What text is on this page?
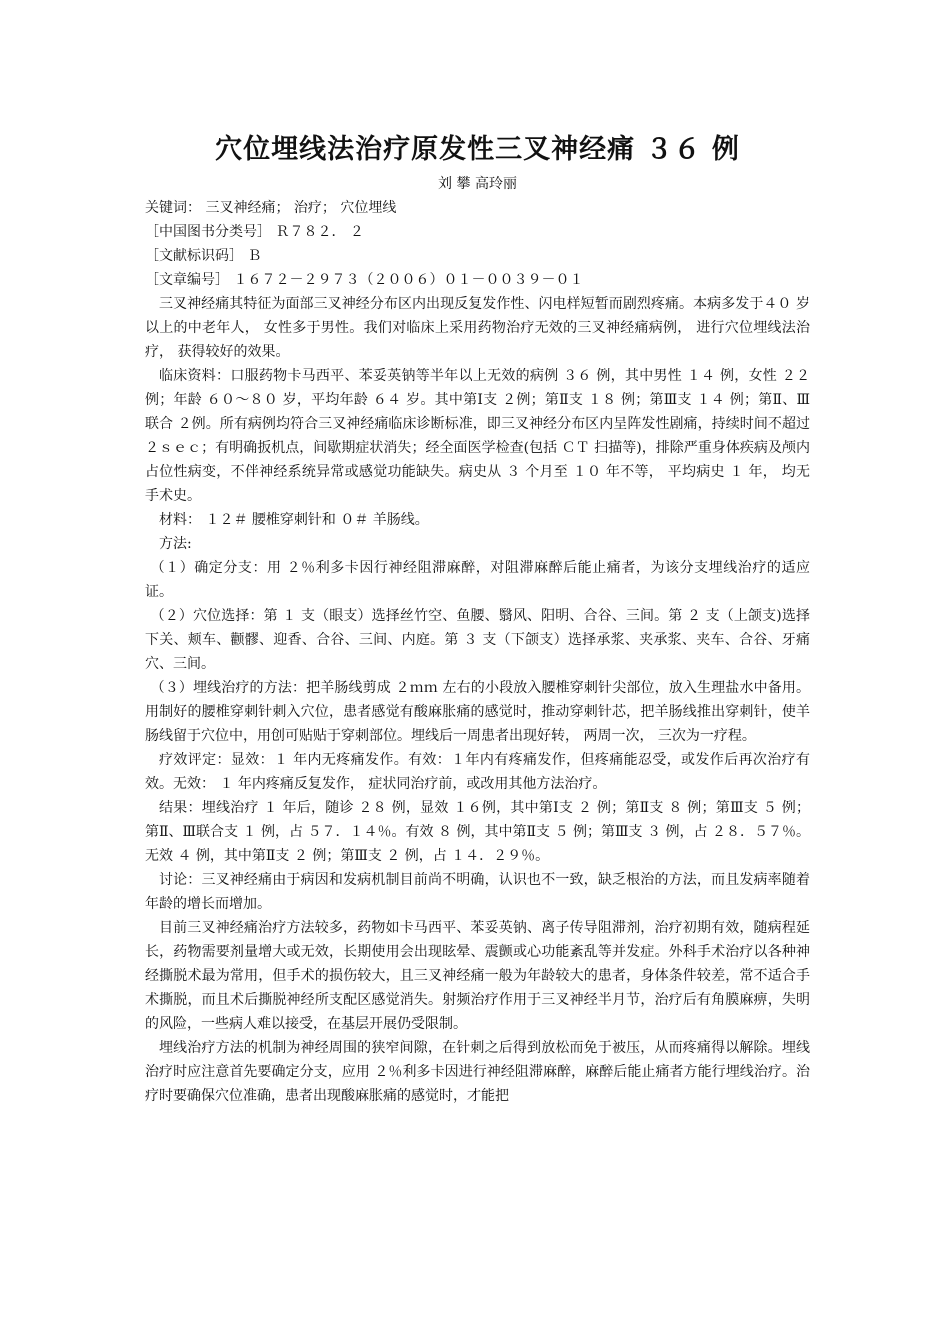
穴位埋线法治疗原发性三叉神经痛 ３６ 例

刘 攀 高玲丽

关键词： 三叉神经痛； 治疗； 穴位埋线

［中国图书分类号］ Ｒ７８２． ２

［文献标识码］ Ｂ

［文章编号］ １６７２－２９７３（２００６）０１－００３９－０１

三叉神经痛其特征为面部三叉神经分布区内出现反复发作性、闪电样短暂而剧烈疼痛。本病多发于４０ 岁以上的中老年人， 女性多于男性。我们对临床上采用药物治疗无效的三叉神经痛病例， 进行穴位埋线法治疗， 获得较好的效果。

临床资料：口服药物卡马西平、苯妥英钠等半年以上无效的病例 ３６ 例，其中男性 １４ 例，女性 ２２例；年龄 ６０～８０ 岁，平均年龄 ６４ 岁。其中第Ⅰ支 ２例；第Ⅱ支 １８ 例；第Ⅲ支 １４ 例；第Ⅱ、Ⅲ联合 ２例。所有病例均符合三叉神经痛临床诊断标准，即三叉神经分布区内呈阵发性剧痛，持续时间不超过２ｓｅｃ；有明确扳机点，间歇期症状消失；经全面医学检查(包括 ＣＴ 扫描等)，排除严重身体疾病及颅内占位性病变，不伴神经系统异常或感觉功能缺失。病史从 ３ 个月至 １０ 年不等， 平均病史 １ 年， 均无手术史。

材料： １２＃ 腰椎穿刺针和 ０＃ 羊肠线。

方法:

（１）确定分支：用 ２％利多卡因行神经阻滞麻醉，对阻滞麻醉后能止痛者，为该分支埋线治疗的适应证。

（２）穴位选择：第 １ 支（眼支）选择丝竹空、鱼腰、翳风、阳明、合谷、三间。第 ２ 支（上颌支)选择下关、颊车、颧髎、迎香、合谷、三间、内庭。第 ３ 支（下颌支）选择承浆、夹承浆、夹车、合谷、牙痛穴、三间。

（３）埋线治疗的方法：把羊肠线剪成 ２ｍｍ 左右的小段放入腰椎穿刺针尖部位，放入生理盐水中备用。用制好的腰椎穿刺针刺入穴位，患者感觉有酸麻胀痛的感觉时，推动穿刺针芯，把羊肠线推出穿刺针，使羊肠线留于穴位中，用创可贴贴于穿刺部位。埋线后一周患者出现好转， 两周一次， 三次为一疗程。

疗效评定：显效：１ 年内无疼痛发作。有效：１年内有疼痛发作，但疼痛能忍受，或发作后再次治疗有效。无效： １ 年内疼痛反复发作， 症状同治疗前，或改用其他方法治疗。

结果：埋线治疗 １ 年后，随诊 ２８ 例，显效 １６例，其中第Ⅰ支 ２ 例；第Ⅱ支 ８ 例；第Ⅲ支 ５ 例；第Ⅱ、Ⅲ联合支 １ 例，占 ５７．１４％。有效 ８ 例，其中第Ⅱ支 ５ 例；第Ⅲ支 ３ 例，占 ２８．５７％。无效 ４ 例，其中第Ⅱ支 ２ 例；第Ⅲ支 ２ 例，占 １４．２９％。

讨论：三叉神经痛由于病因和发病机制目前尚不明确，认识也不一致，缺乏根治的方法，而且发病率随着年龄的增长而增加。

目前三叉神经痛治疗方法较多，药物如卡马西平、苯妥英钠、离子传导阻滞剂，治疗初期有效，随病程延长，药物需要剂量增大或无效，长期使用会出现眩晕、震颤或心功能紊乱等并发症。外科手术治疗以各种神经撕脱术最为常用，但手术的损伤较大，且三叉神经痛一般为年龄较大的患者，身体条件较差，常不适合手术撕脱，而且术后撕脱神经所支配区感觉消失。射频治疗作用于三叉神经半月节，治疗后有角膜麻痹，失明的风险，一些病人难以接受，在基层开展仍受限制。

埋线治疗方法的机制为神经周围的狭窄间隙，在针刺之后得到放松而免于被压，从而疼痛得以解除。埋线治疗时应注意首先要确定分支，应用 ２％利多卡因进行神经阻滞麻醉，麻醉后能止痛者方能行埋线治疗。治疗时要确保穴位准确，患者出现酸麻胀痛的感觉时，才能把
